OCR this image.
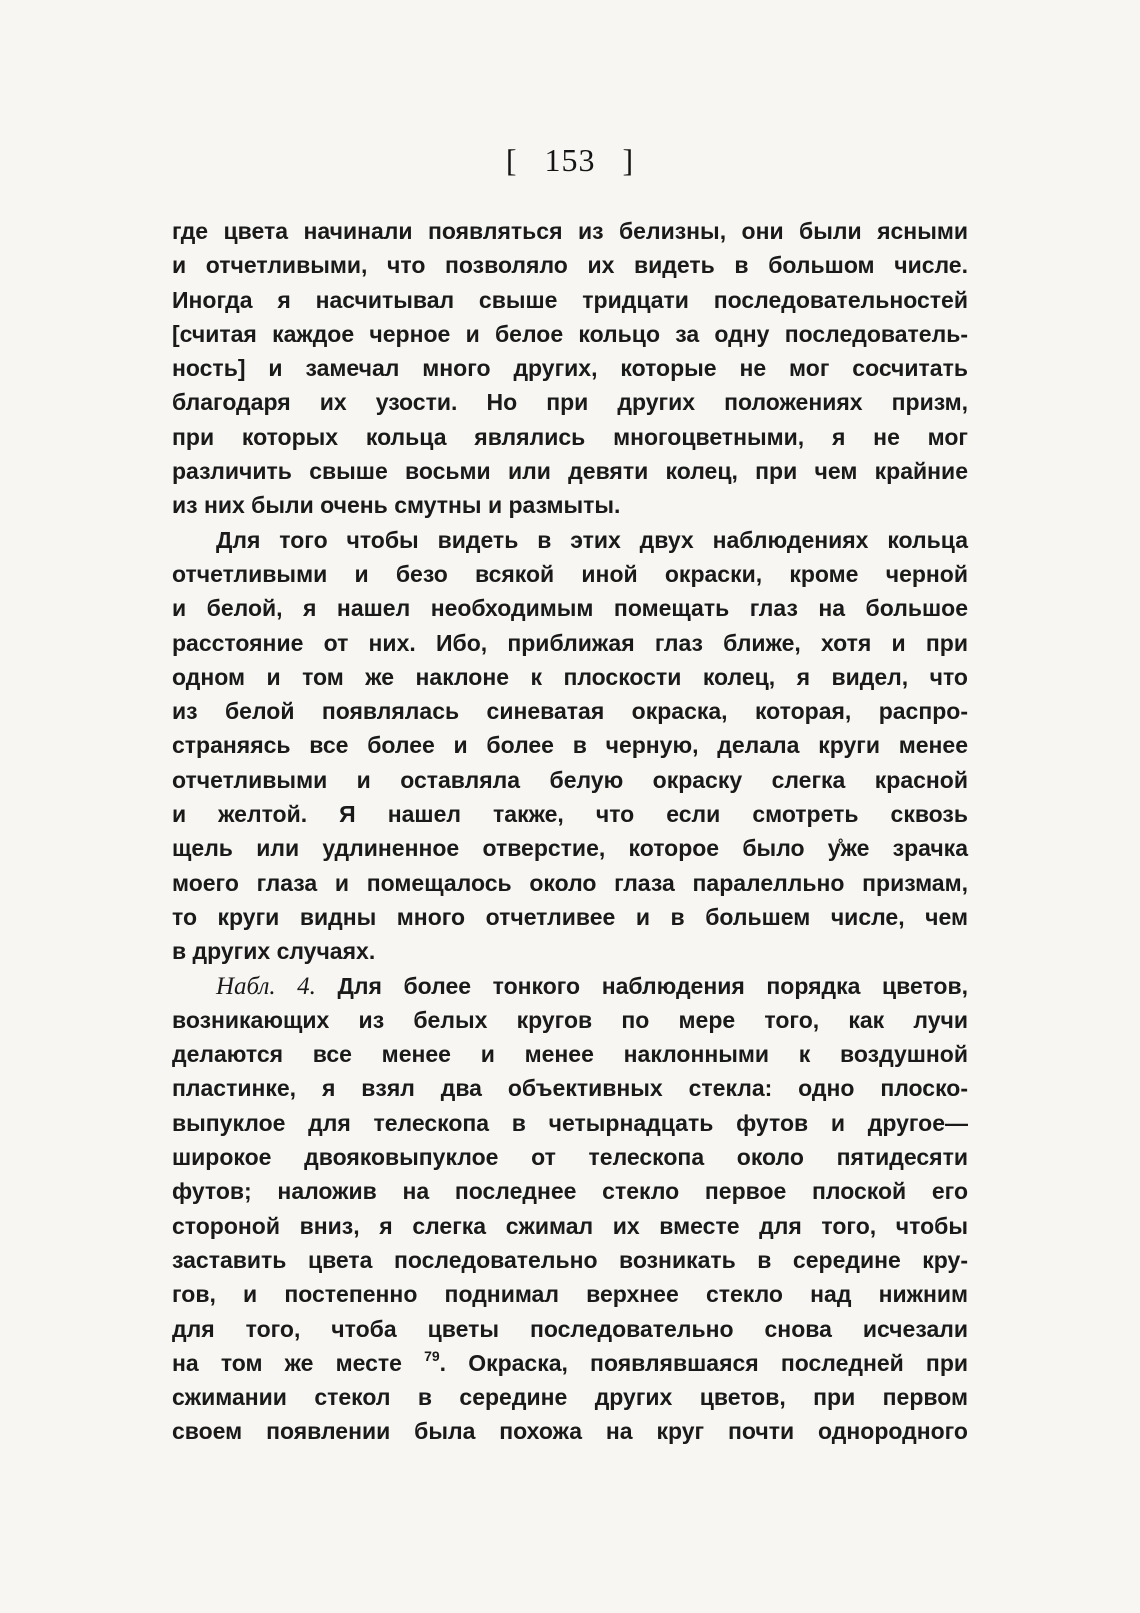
[ 153 ]
где цвета начинали появляться из белизны, они были ясными
и отчетливыми, что позволяло их видеть в большом числе.
Иногда я насчитывал свыше тридцати последовательностей
[считая каждое черное и белое кольцо за одну последователь-
ность] и замечал много других, которые не мог сосчитать
благодаря их узости. Но при других положениях призм,
при которых кольца являлись многоцветными, я не мог
различить свыше восьми или девяти колец, при чем крайние
из них были очень смутны и размыты.
Для того чтобы видеть в этих двух наблюдениях кольца
отчетливыми и безо всякой иной окраски, кроме черной
и белой, я нашел необходимым помещать глаз на большое
расстояние от них. Ибо, приближая глаз ближе, хотя и при
одном и том же наклоне к плоскости колец, я видел, что
из белой появлялась синеватая окраска, которая, распро-
страняясь все более и более в черную, делала круги менее
отчетливыми и оставляла белую окраску слегка красной
и желтой. Я нашел также, что если смотреть сквозь
щель или удлиненное отверстие, которое было у̊же зрачка
моего глаза и помещалось около глаза паралелльно призмам,
то круги видны много отчетливее и в большем числе, чем
в других случаях.
Набл. 4. Для более тонкого наблюдения порядка цветов,
возникающих из белых кругов по мере того, как лучи
делаются все менее и менее наклонными к воздушной
пластинке, я взял два объективных стекла: одно плоско-
выпуклое для телескопа в четырнадцать футов и другое—
широкое двояковыпуклое от телескопа около пятидесяти
футов; наложив на последнее стекло первое плоской его
стороной вниз, я слегка сжимал их вместе для того, чтобы
заставить цвета последовательно возникать в середине кру-
гов, и постепенно поднимал верхнее стекло над нижним
для того, чтоба цветы последовательно снова исчезали
на том же месте $^{79}$. Окраска, появлявшаяся последней при
сжимании стекол в середине других цветов, при первом
своем появлении была похожа на круг почти однородного
